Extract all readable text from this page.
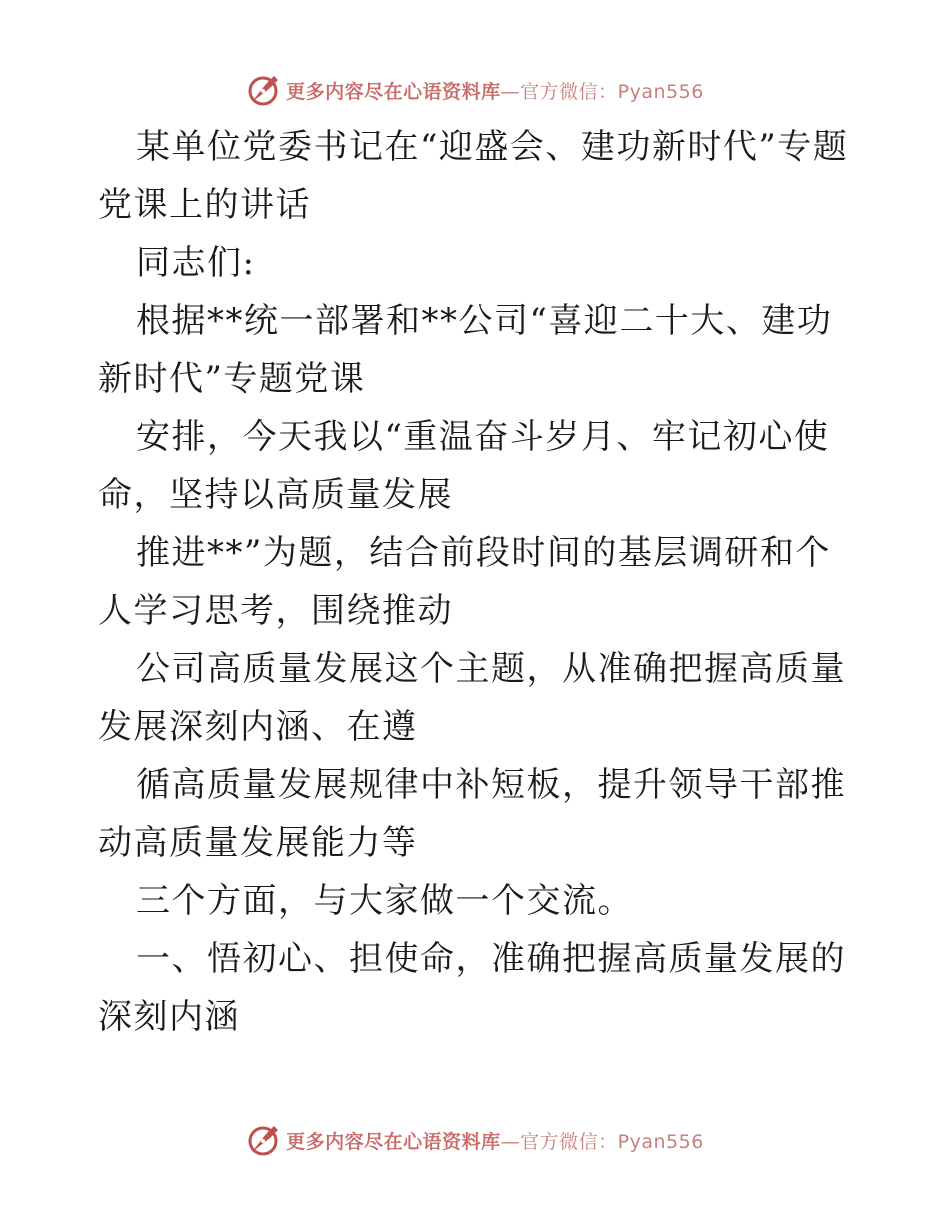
更多内容尽在心语资料库—官方微信：Pyan556

某单位党委书记在“迎盛会、建功新时代”专题党课上的讲话

同志们:

根据**统一部署和**公司“喜迎二十大、建功新时代”专题党课

安排，今天我以“重温奋斗岁月、牢记初心使命，坚持以高质量发展

推进**”为题，结合前段时间的基层调研和个人学习思考，围绕推动

公司高质量发展这个主题，从准确把握高质量发展深刻内涵、在遵

循高质量发展规律中补短板，提升领导干部推动高质量发展能力等

三个方面，与大家做一个交流。

一、悟初心、担使命，准确把握高质量发展的深刻内涵

更多内容尽在心语资料库—官方微信：Pyan556
